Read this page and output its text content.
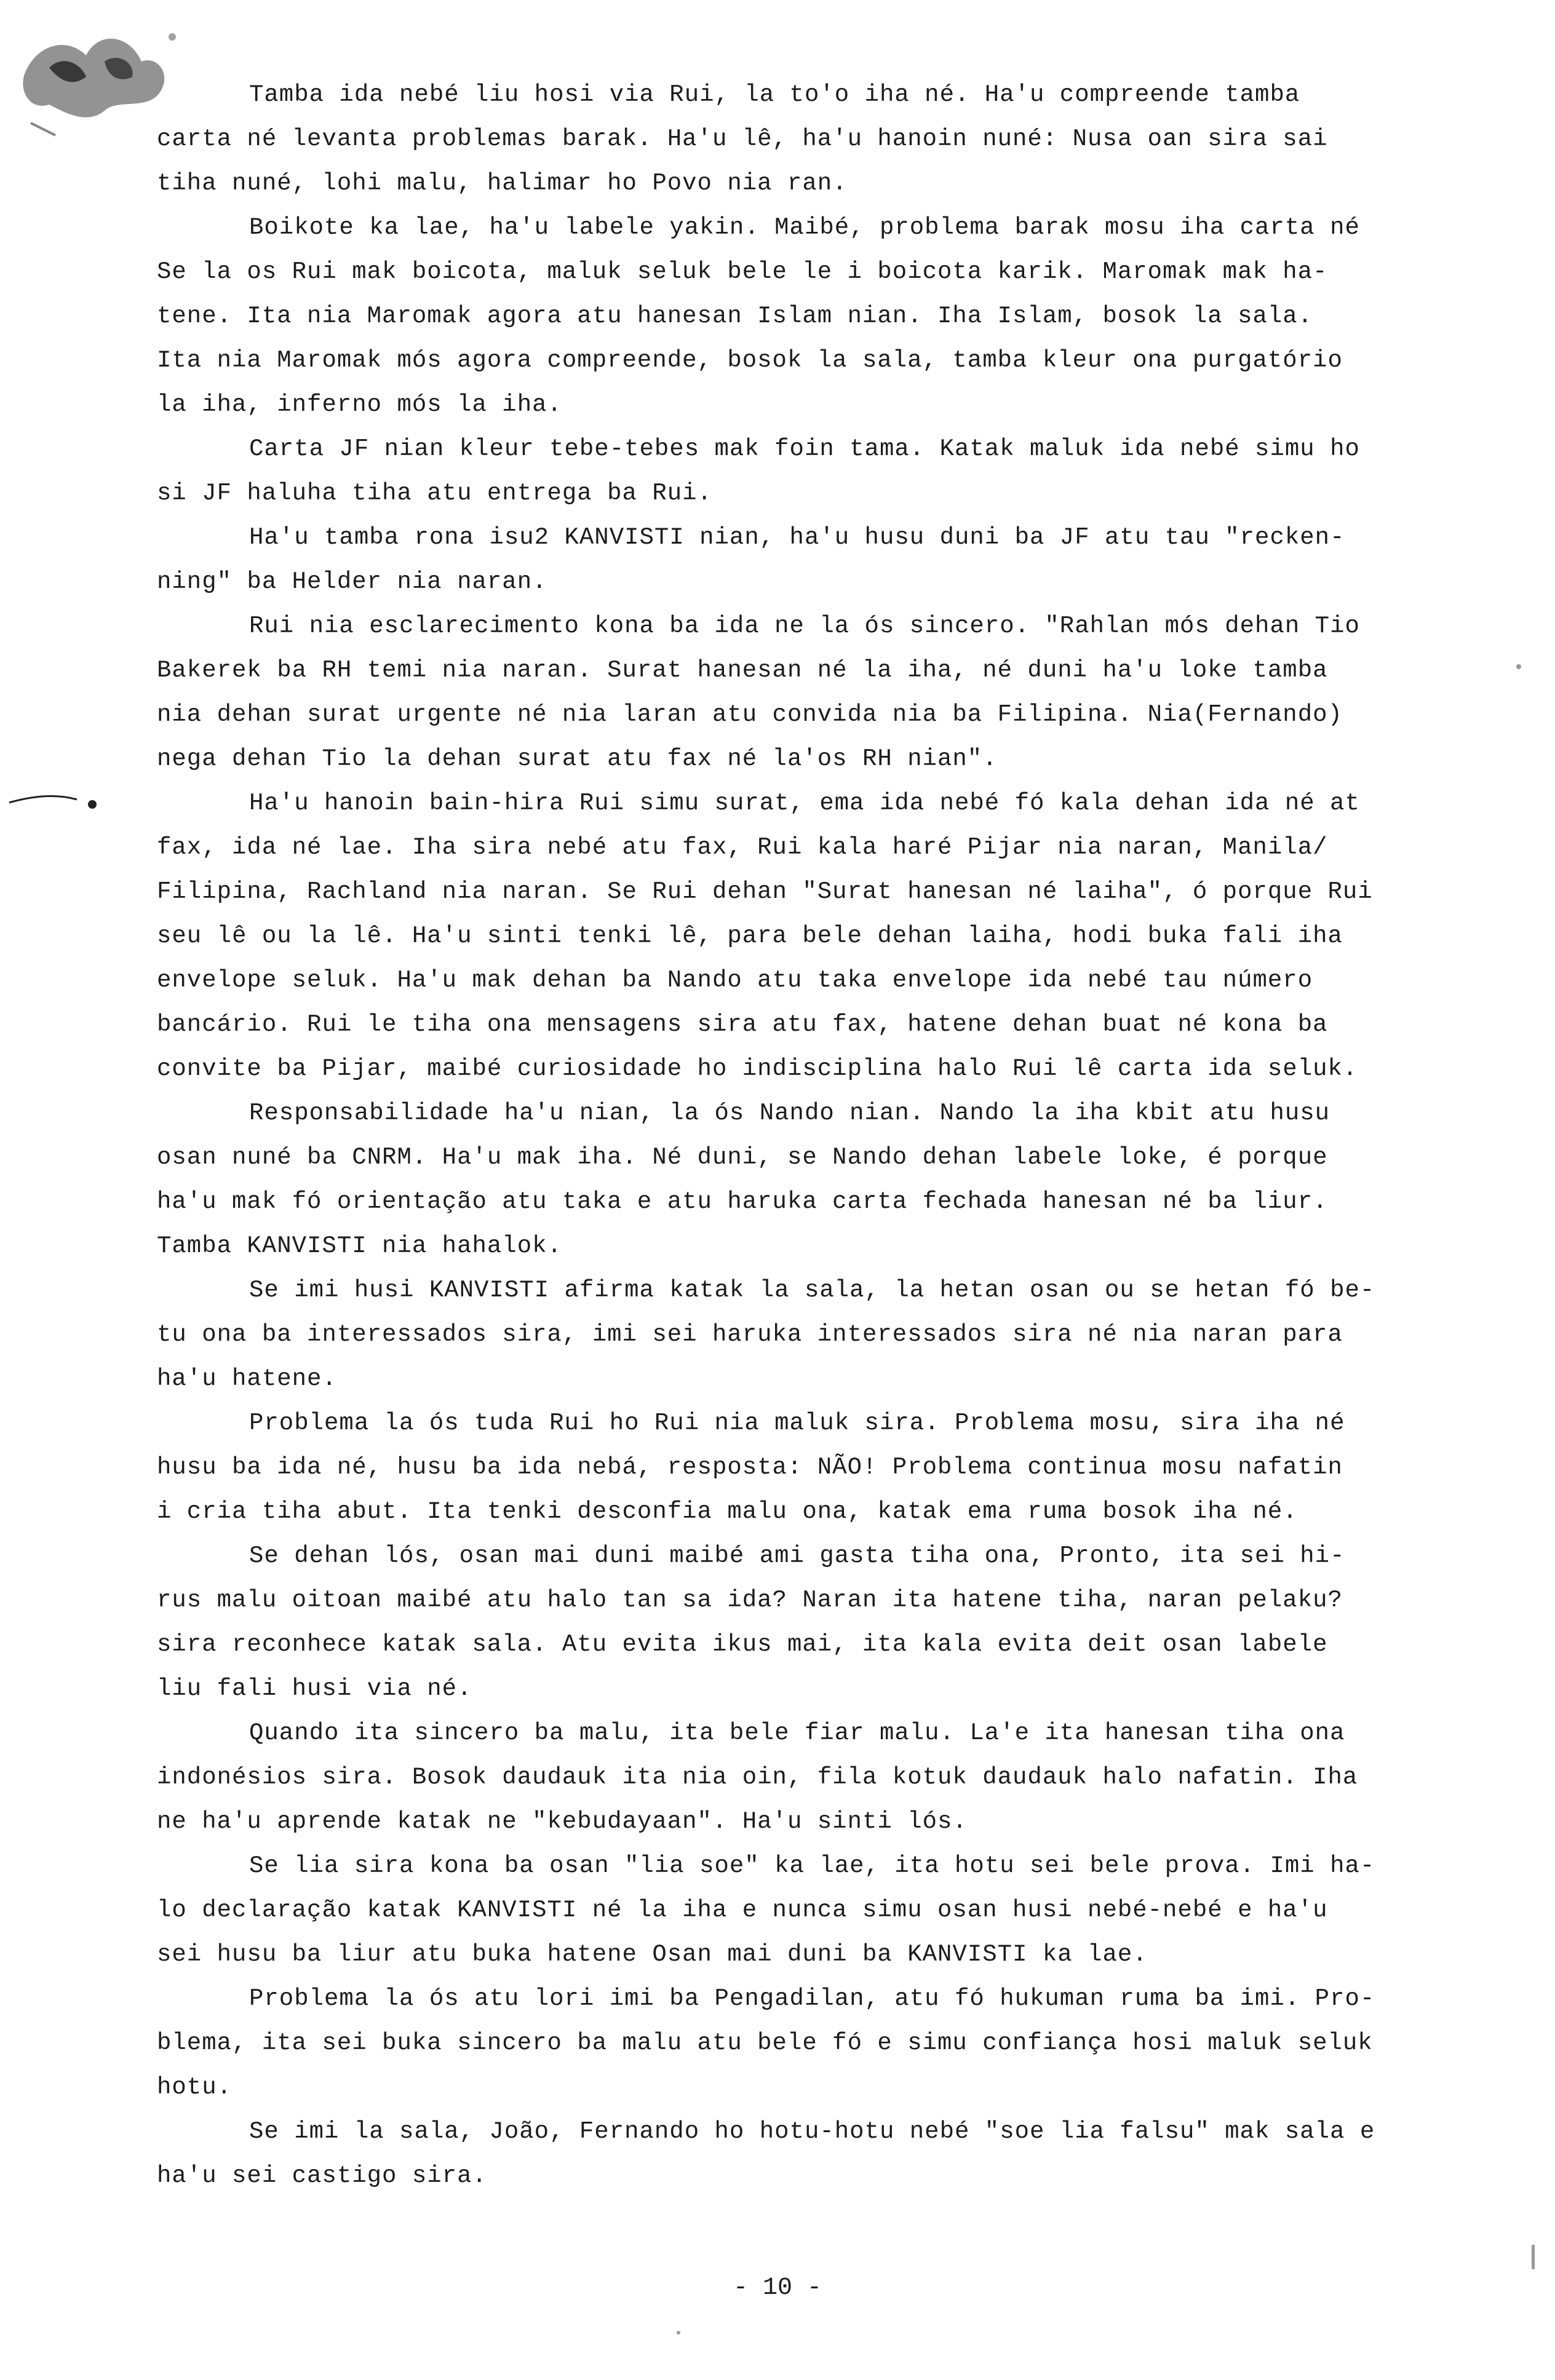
Tamba ida nebé liu hosi via Rui, la to'o iha né. Ha'u compreende tamba
carta né levanta problemas barak. Ha'u lê, ha'u hanoin nuné: Nusa oan sira sai
tiha nuné, lohi malu, halimar ho Povo nia ran.
Boikote ka lae, ha'u labele yakin. Maibé, problema barak mosu iha carta né
Se la os Rui mak boicota, maluk seluk bele le i boicota karik. Maromak mak ha-
tene. Ita nia Maromak agora atu hanesan Islam nian. Iha Islam, bosok la sala.
Ita nia Maromak mós agora compreende, bosok la sala, tamba kleur ona purgatório
la iha, inferno mós la iha.
Carta JF nian kleur tebe-tebes mak foin tama. Katak maluk ida nebé simu ho
si JF haluha tiha atu entrega ba Rui.
Ha'u tamba rona isu2 KANVISTI nian, ha'u husu duni ba JF atu tau "recken-
ning" ba Helder nia naran.
Rui nia esclarecimento kona ba ida ne la ós sincero. "Rahlan mós dehan Tio
Bakerek ba RH temi nia naran. Surat hanesan né la iha, né duni ha'u loke tamba
nia dehan surat urgente né nia laran atu convida nia ba Filipina. Nia(Fernando)
nega dehan Tio la dehan surat atu fax né la'os RH nian".
Ha'u hanoin bain-hira Rui simu surat, ema ida nebé fó kala dehan ida né at
fax, ida né lae. Iha sira nebé atu fax, Rui kala haré Pijar nia naran, Manila/
Filipina, Rachland nia naran. Se Rui dehan "Surat hanesan né laiha", ó porque Rui
seu lê ou la lê. Ha'u sinti tenki lê, para bele dehan laiha, hodi buka fali iha
envelope seluk. Ha'u mak dehan ba Nando atu taka envelope ida nebé tau número
bancário. Rui le tiha ona mensagens sira atu fax, hatene dehan buat né kona ba
convite ba Pijar, maibé curiosidade ho indisciplina halo Rui lê carta ida seluk.
Responsabilidade ha'u nian, la ós Nando nian. Nando la iha kbit atu husu
osan nuné ba CNRM. Ha'u mak iha. Né duni, se Nando dehan labele loke, é porque
ha'u mak fó orientação atu taka e atu haruka carta fechada hanesan né ba liur.
Tamba KANVISTI nia hahalok.
Se imi husi KANVISTI afirma katak la sala, la hetan osan ou se hetan fó be-
tu ona ba interessados sira, imi sei haruka interessados sira né nia naran para
ha'u hatene.
Problema la ós tuda Rui ho Rui nia maluk sira. Problema mosu, sira iha né
husu ba ida né, husu ba ida nebá, resposta: NÃO! Problema continua mosu nafatin
i cria tiha abut. Ita tenki desconfia malu ona, katak ema ruma bosok iha né.
Se dehan lós, osan mai duni maibé ami gasta tiha ona, Pronto, ita sei hi-
rus malu oitoan maibé atu halo tan sa ida? Naran ita hatene tiha, naran pelaku?
sira reconhece katak sala. Atu evita ikus mai, ita kala evita deit osan labele
liu fali husi via né.
Quando ita sincero ba malu, ita bele fiar malu. La'e ita hanesan tiha ona
indonésios sira. Bosok daudauk ita nia oin, fila kotuk daudauk halo nafatin. Iha
ne ha'u aprende katak ne "kebudayaan". Ha'u sinti lós.
Se lia sira kona ba osan "lia soe" ka lae, ita hotu sei bele prova. Imi ha-
lo declaração katak KANVISTI né la iha e nunca simu osan husi nebé-nebé e ha'u
sei husu ba liur atu buka hatene Osan mai duni ba KANVISTI ka lae.
Problema la ós atu lori imi ba Pengadilan, atu fó hukuman ruma ba imi. Pro-
blema, ita sei buka sincero ba malu atu bele fó e simu confiança hosi maluk seluk
hotu.
Se imi la sala, João, Fernando ho hotu-hotu nebé "soe lia falsu" mak sala e
ha'u sei castigo sira.
- 10 -
